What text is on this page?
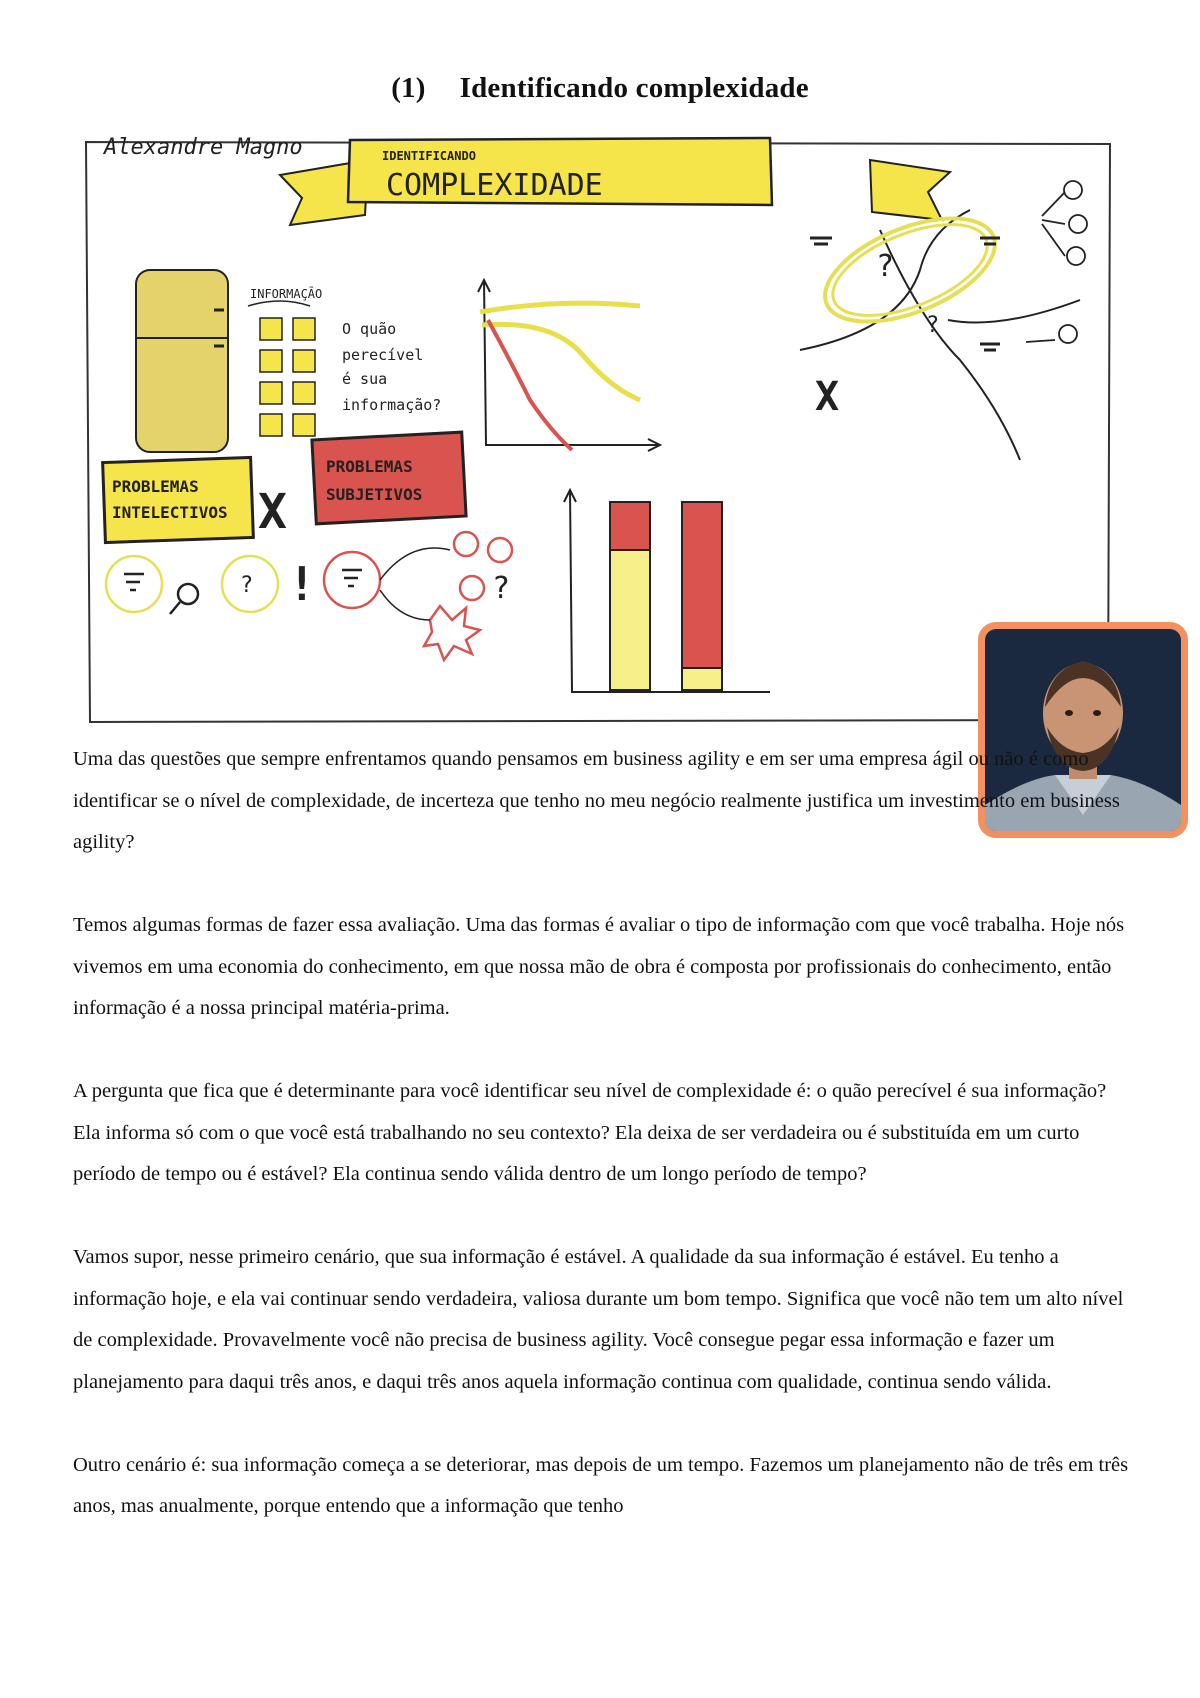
(1) Identificando complexidade
Alexandre Magno	IDENTIFICANDO
COMPLEXIDADE
INFORMAÇÃO
O quão
perecível
é sua
informação?
?
?
X
PROBLEMAS
INTELECTIVOS X
PROBLEMAS
SUBJETIVOS
? !	?

Uma das questões que sempre enfrentamos quando pensamos em business agility e em ser uma empresa ágil ou não é como identificar se o nível de complexidade, de incerteza que tenho no meu negócio realmente justifica um investimento em business agility?

Temos algumas formas de fazer essa avaliação. Uma das formas é avaliar o tipo de informação com que você trabalha. Hoje nós vivemos em uma economia do conhecimento, em que nossa mão de obra é composta por profissionais do conhecimento, então informação é a nossa principal matéria-prima.

A pergunta que fica que é determinante para você identificar seu nível de complexidade é: o quão perecível é sua informação? Ela informa só com o que você está trabalhando no seu contexto? Ela deixa de ser verdadeira ou é substituída em um curto período de tempo ou é estável? Ela continua sendo válida dentro de um longo período de tempo?

Vamos supor, nesse primeiro cenário, que sua informação é estável. A qualidade da sua informação é estável. Eu tenho a informação hoje, e ela vai continuar sendo verdadeira, valiosa durante um bom tempo. Significa que você não tem um alto nível de complexidade. Provavelmente você não precisa de business agility. Você consegue pegar essa informação e fazer um planejamento para daqui três anos, e daqui três anos aquela informação continua com qualidade, continua sendo válida.

Outro cenário é: sua informação começa a se deteriorar, mas depois de um tempo. Fazemos um planejamento não de três em três anos, mas anualmente, porque entendo que a informação que tenho
